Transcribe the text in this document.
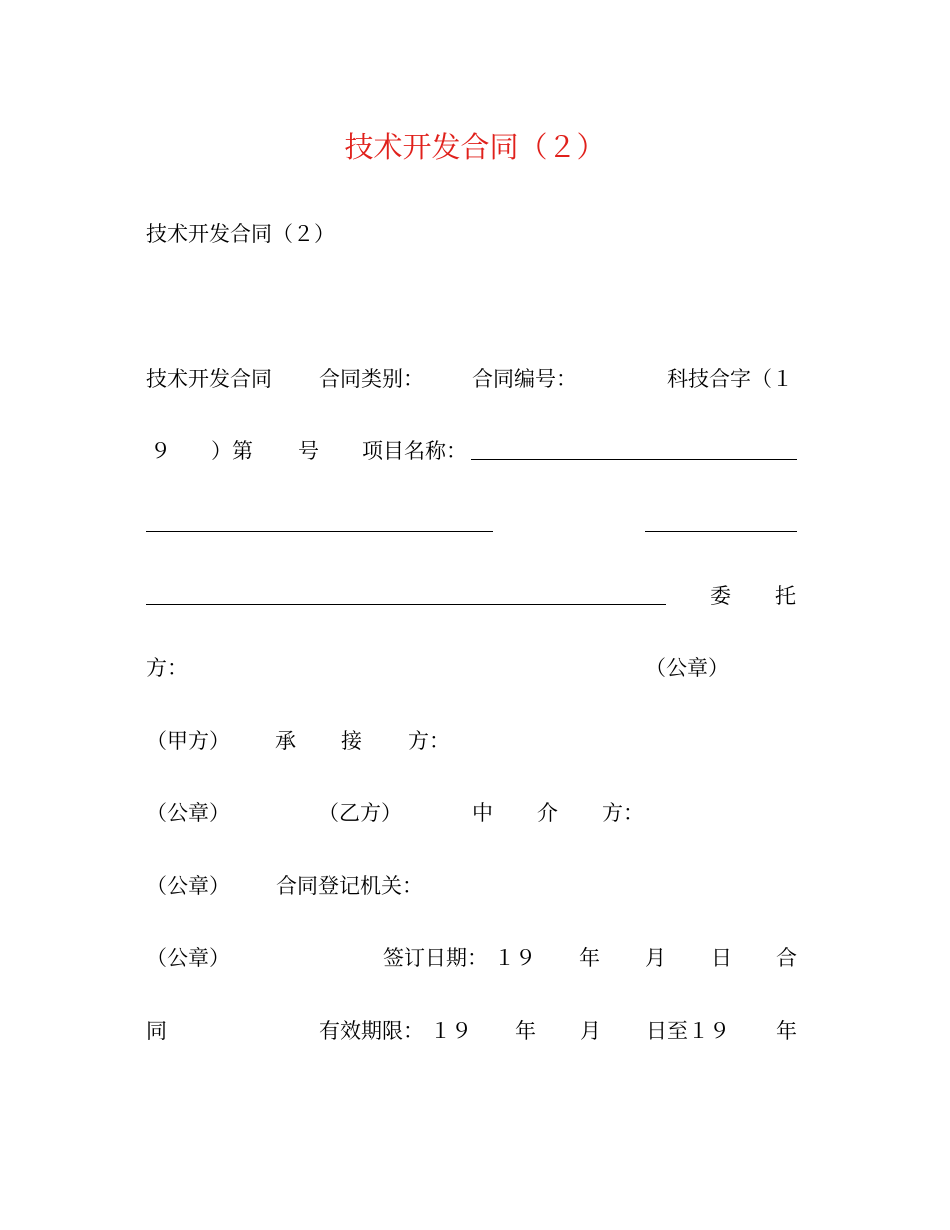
技术开发合同（２）
技术开发合同（２）
技术开发合同 合同类别： 合同编号：	科技合字（１
９ ）第 号 项目名称：
委 托
方：	（公章）
（甲方） 承 接 方：
（公章）	（乙方）	中 介 方：
（公章） 合同登记机关：
（公章）	签订日期： １９ 年 月 日 合
同	有效期限： １９ 年 月 日至１９ 年
